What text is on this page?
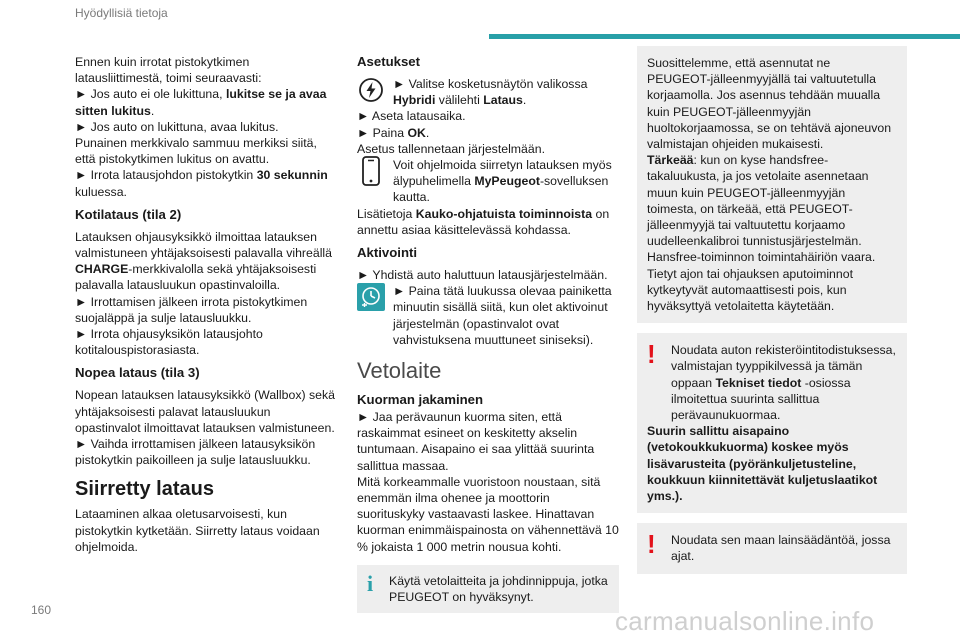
Hyödyllisiä tietoja

Ennen kuin irrotat pistokytkimen latausliittimestä, toimi seuraavasti:

► Jos auto ei ole lukittuna, lukitse se ja avaa sitten lukitus.

► Jos auto on lukittuna, avaa lukitus.

Punainen merkkivalo sammuu merkiksi siitä, että pistokytkimen lukitus on avattu.

► Irrota latausjohdon pistokytkin 30 sekunnin kuluessa.

Kotilataus (tila 2)

Latauksen ohjausyksikkö ilmoittaa latauksen valmistuneen yhtäjaksoisesti palavalla vihreällä CHARGE-merkkivalolla sekä yhtäjaksoisesti palavalla latausluukun opastinvaloilla.

► Irrottamisen jälkeen irrota pistokytkimen suojaläppä ja sulje latausluukku.

► Irrota ohjausyksikön latausjohto kotitalouspistorasiasta.

Nopea lataus (tila 3)

Nopean latauksen latausyksikkö (Wallbox) sekä yhtäjaksoisesti palavat latausluukun opastinvalot ilmoittavat latauksen valmistuneen.

► Vaihda irrottamisen jälkeen latausyksikön pistokytkin paikoilleen ja sulje latausluukku.

Siirretty lataus

Lataaminen alkaa oletusarvoisesti, kun pistokytkin kytketään. Siirretty lataus voidaan ohjelmoida.

Asetukset

► Valitse kosketusnäytön valikossa Hybridi välilehti Lataus.

► Aseta latausaika.

► Paina OK.

Asetus tallennetaan järjestelmään.

Voit ohjelmoida siirretyn latauksen myös älypuhelimella MyPeugeot-sovelluksen kautta.

Lisätietoja Kauko-ohjatuista toiminnoista on annettu asiaa käsittelevässä kohdassa.

Aktivointi

► Yhdistä auto haluttuun latausjärjestelmään.

► Paina tätä luukussa olevaa painiketta minuutin sisällä siitä, kun olet aktivoinut järjestelmän (opastinvalot ovat vahvistuksena muuttuneet siniseksi).

Vetolaite
Kuorman jakaminen

► Jaa perävaunun kuorma siten, että raskaimmat esineet on keskitetty akselin tuntumaan. Aisapaino ei saa ylittää suurinta sallittua massaa.

Mitä korkeammalle vuoristoon noustaan, sitä enemmän ilma ohenee ja moottorin suorituskyky vastaavasti laskee. Hinattavan kuorman enimmäispainosta on vähennettävä 10 % jokaista 1 000 metrin nousua kohti.

i	Käytä vetolaitteita ja johdinnippuja, jotka PEUGEOT on hyväksynyt.

Suosittelemme, että asennutat ne PEUGEOT-jälleenmyyjällä tai valtuutetulla korjaamolla. Jos asennus tehdään muualla kuin PEUGEOT-jälleenmyyjän huoltokorjaamossa, se on tehtävä ajoneuvon valmistajan ohjeiden mukaisesti.

Tärkeää: kun on kyse handsfree-takaluukusta, ja jos vetolaite asennetaan muun kuin PEUGEOT-jälleenmyyjän toimesta, on tärkeää, että PEUGEOT-jälleenmyyjä tai valtuutettu korjaamo uudelleenkalibroi tunnistusjärjestelmän. Hansfree-toiminnon toimintahäiriön vaara.

Tietyt ajon tai ohjauksen aputoiminnot kytkeytyvät automaattisesti pois, kun hyväksyttyä vetolaitetta käytetään.

!	Noudata auton rekisteröintitodistuksessa, valmistajan tyyppikilvessä ja tämän oppaan Tekniset tiedot -osiossa ilmoitettua suurinta sallittua perävaunukuormaa.

Suurin sallittu aisapaino (vetokoukkukuorma) koskee myös lisävarusteita (pyöränkuljetusteline, koukkuun kiinnitettävät kuljetuslaatikot yms.).

!	Noudata sen maan lainsäädäntöä, jossa ajat.

160	carmanualsonline.info
